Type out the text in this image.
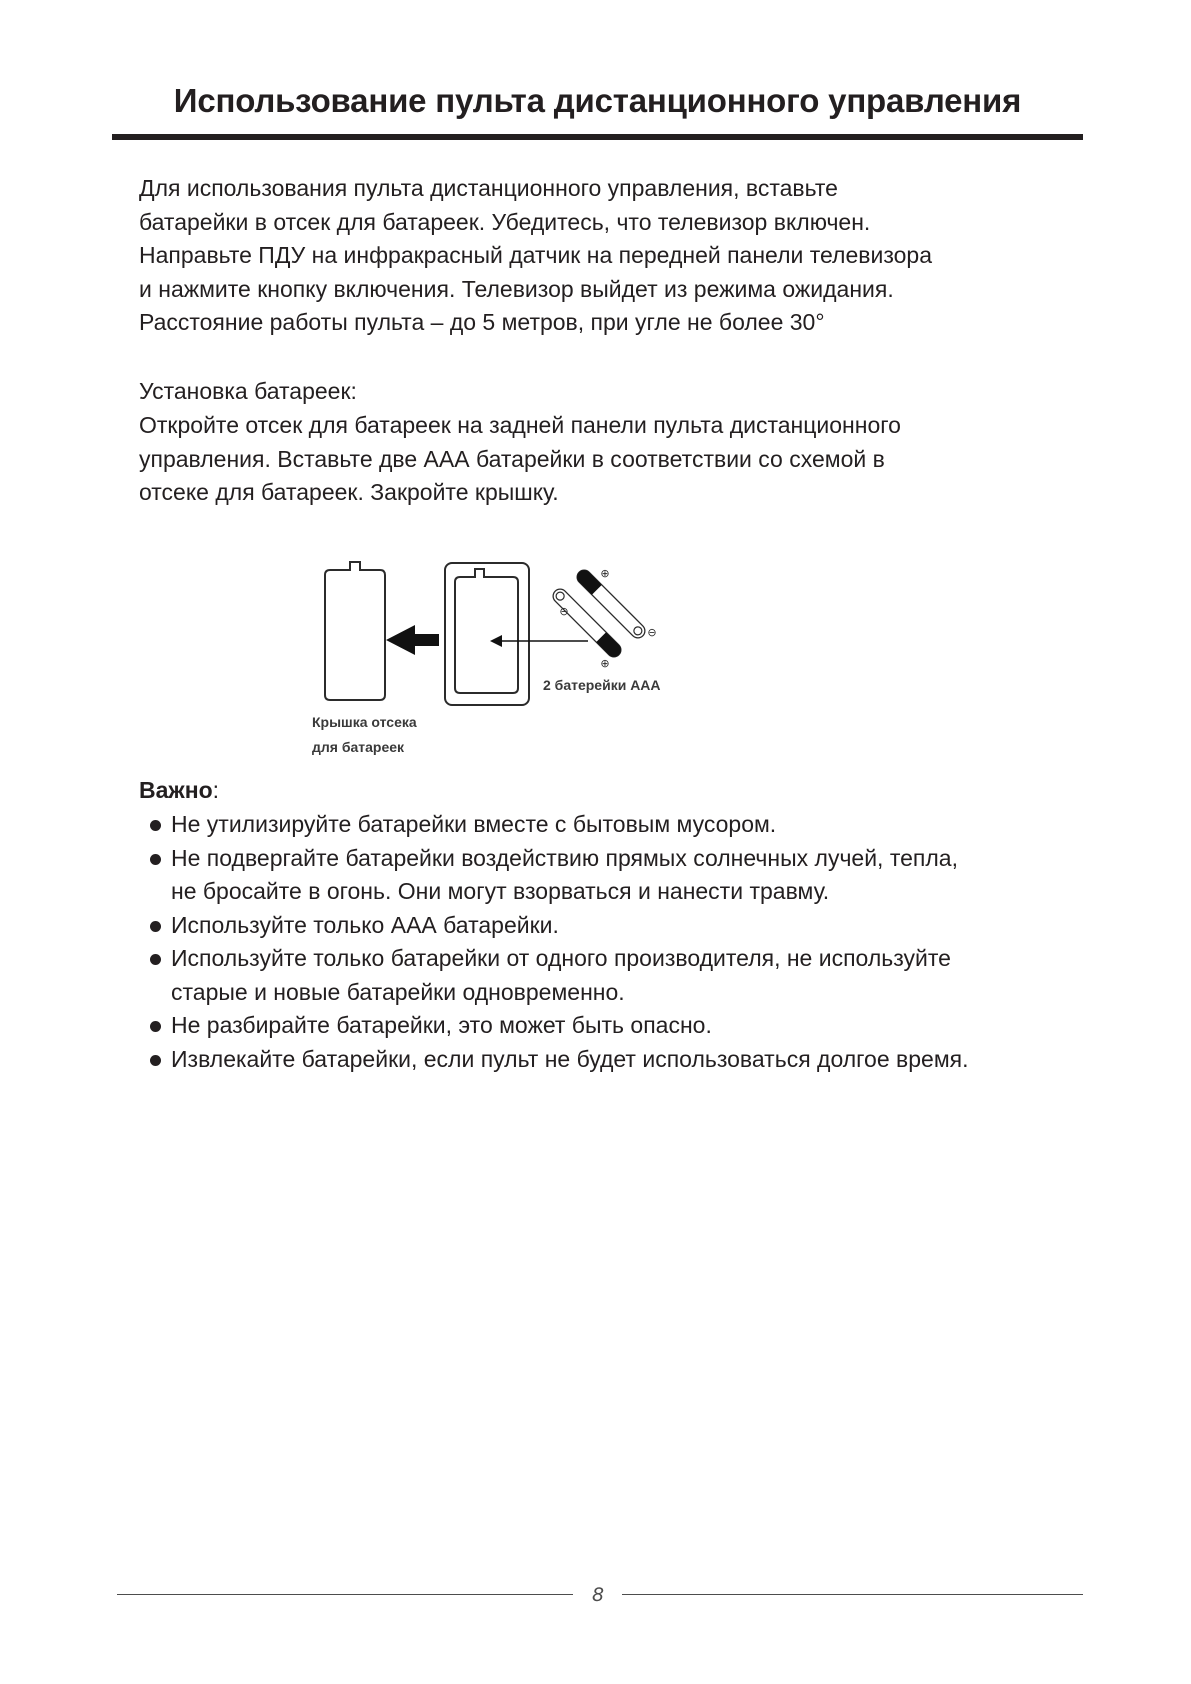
Использование пульта дистанционного управления

Для использования пульта дистанционного управления, вставьте
батарейки в отсек для батареек. Убедитесь, что телевизор включен.
Направьте ПДУ на инфракрасный датчик на передней панели телевизора
и нажмите кнопку включения. Телевизор выйдет из режима ожидания.
Расстояние работы пульта – до 5 метров, при угле не более 30°

Установка батареек:

Откройте отсек для батареек на задней панели пульта дистанционного
управления. Вставьте две ААА батарейки в соответствии со схемой в
отсеке для батареек. Закройте крышку.

⊕
⊖
⊖
⊕
2 батерейки ААА
Крышка отсека
для батареек

Важно:

Не утилизируйте батарейки вместе с бытовым мусором.
Не подвергайте батарейки воздействию прямых солнечных лучей, тепла,
не бросайте в огонь. Они могут взорваться и нанести травму.
Используйте только ААА батарейки.
Используйте только батарейки от одного производителя, не используйте
старые и новые батарейки одновременно.
Не разбирайте батарейки, это может быть опасно.
Извлекайте батарейки, если пульт не будет использоваться долгое время.
8
